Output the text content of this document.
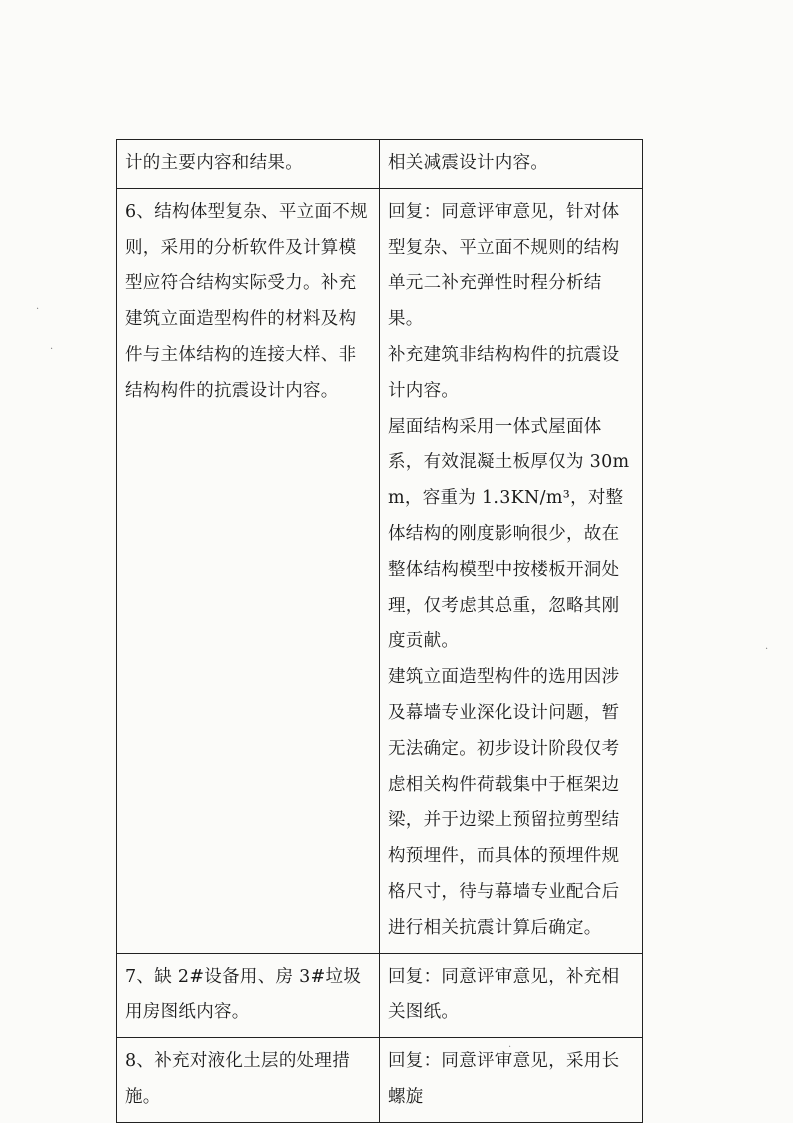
·
·
·
·
计的主要内容和结果。	相关减震设计内容。

6、结构体型复杂、平立面不规则，采用的分析软件及计算模型应符合结构实际受力。补充建筑立面造型构件的材料及构件与主体结构的连接大样、非结构构件的抗震设计内容。	回复：同意评审意见，针对体型复杂、平立面不规则的结构单元二补充弹性时程分析结果。
补充建筑非结构构件的抗震设计内容。
屋面结构采用一体式屋面体系，有效混凝土板厚仅为 30mm，容重为 1.3KN/m³，对整体结构的刚度影响很少，故在整体结构模型中按楼板开洞处理，仅考虑其总重，忽略其刚度贡献。
建筑立面造型构件的选用因涉及幕墙专业深化设计问题，暂无法确定。初步设计阶段仅考虑相关构件荷载集中于框架边梁，并于边梁上预留拉剪型结构预埋件，而具体的预埋件规格尺寸，待与幕墙专业配合后进行相关抗震计算后确定。

7、缺 2#设备用、房 3#垃圾用房图纸内容。	回复：同意评审意见，补充相关图纸。

8、补充对液化土层的处理措施。	回复：同意评审意见，采用长螺旋
